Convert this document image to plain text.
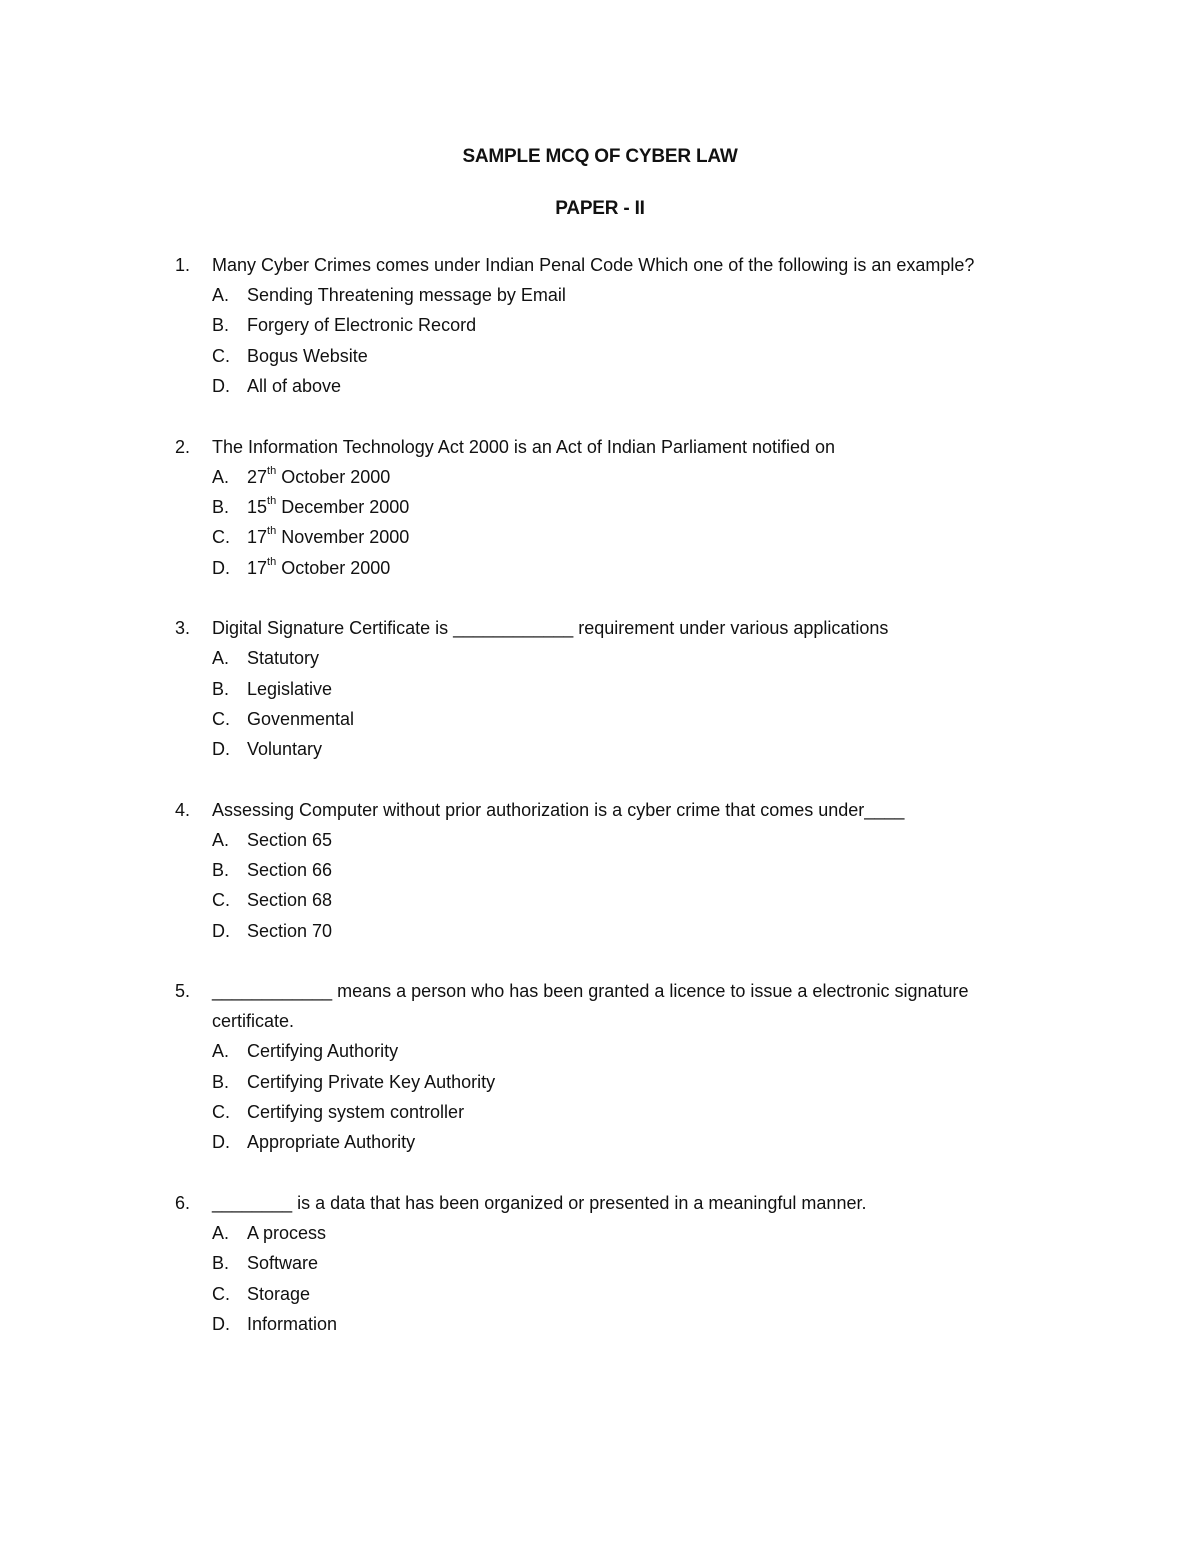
SAMPLE MCQ OF CYBER LAW
PAPER - II
1.	Many Cyber Crimes comes under Indian Penal Code Which one of the following is an example?
A. Sending Threatening message by Email
B. Forgery of Electronic Record
C. Bogus Website
D. All of above
2.	The Information Technology Act 2000 is an Act of Indian Parliament notified on
A. 27th October 2000
B. 15th December 2000
C. 17th November 2000
D. 17th October 2000
3.	Digital Signature Certificate is ____________ requirement under various applications
A. Statutory
B. Legislative
C. Govenmental
D. Voluntary
4.	Assessing Computer without prior authorization is a cyber crime that comes under____
A. Section 65
B. Section 66
C. Section 68
D. Section 70
5.	____________ means a person who has been granted a licence to issue a electronic signature certificate.
A. Certifying Authority
B. Certifying Private Key Authority
C. Certifying system controller
D. Appropriate Authority
6.	________ is a data that has been organized or presented in a meaningful manner.
A. A process
B. Software
C. Storage
D. Information
